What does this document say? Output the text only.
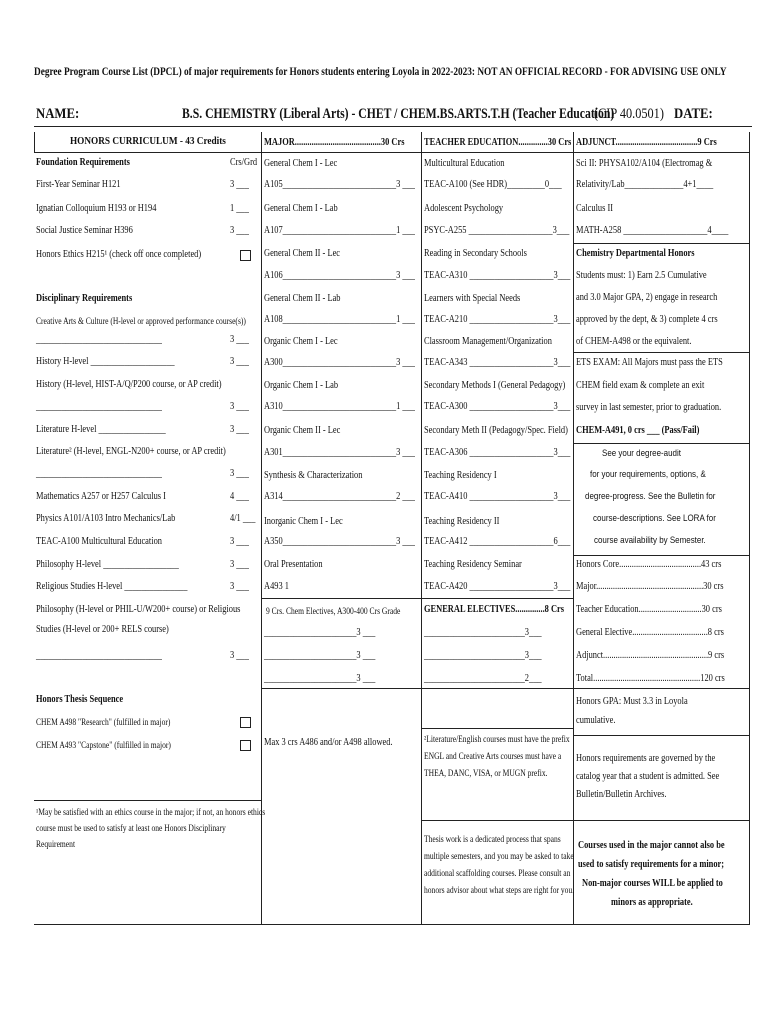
Degree Program Course List (DPCL) of major requirements for Honors students entering Loyola in 2022-2023: NOT AN OFFICIAL RECORD - FOR ADVISING USE ONLY
NAME:	B.S. CHEMISTRY (Liberal Arts) - CHET / CHEM.BS.ARTS.T.H (Teacher Education)
(CIP 40.0501) DATE:
HONORS CURRICULUM - 43 Credits
Foundation Requirements	Crs/Grd
First-Year Seminar H121	3 ___
Ignatian Colloquium H193 or H194	1 ___
Social Justice Seminar H396	3 ___
Honors Ethics H215¹ (check off once completed)
Disciplinary Requirements
Creative Arts & Culture (H-level or approved performance course(s))
______________________________	3 ___
History H-level ____________________	3 ___
History (H-level, HIST-A/Q/P200 course, or AP credit)
______________________________	3 ___
Literature H-level ________________	3 ___
Literature² (H-level, ENGL-N200+ course, or AP credit)
______________________________	3 ___
Mathematics A257 or H257 Calculus I	4 ___
Physics A101/A103 Intro Mechanics/Lab	4/1 ___
TEAC-A100 Multicultural Education	3 ___
Philosophy H-level __________________	3 ___
Religious Studies H-level _______________	3 ___
Philosophy (H-level or PHIL-U/W200+ course) or Religious
Studies (H-level or 200+ RELS course)
______________________________	3 ___
Honors Thesis Sequence
CHEM A498 "Research" (fulfilled in major)
CHEM A493 "Capstone" (fulfilled in major)
¹May be satisfied with an ethics course in the major; if not, an honors ethics
course must be used to satisfy at least one Honors Disciplinary
Requirement
MAJOR.........................................30 Crs
General Chem I - Lec
A105___________________________3 ___
General Chem I - Lab
A107___________________________1 ___
General Chem II - Lec
A106___________________________3 ___
General Chem II - Lab
A108___________________________1 ___
Organic Chem I - Lec
A300___________________________3 ___
Organic Chem I - Lab
A310___________________________1 ___
Organic Chem II - Lec
A301___________________________3 ___
Synthesis & Characterization
A314___________________________2 ___
Inorganic Chem I - Lec
A350___________________________3 ___
Oral Presentation
A493 1
9 Crs. Chem Electives, A300-400 Crs Grade
______________________3 ___
______________________3 ___
______________________3 ___
Max 3 crs A486 and/or A498 allowed.
TEACHER EDUCATION..............30 Crs
Multicultural Education
TEAC-A100 (See HDR)_________0___
Adolescent Psychology
PSYC-A255 ____________________3___
Reading in Secondary Schools
TEAC-A310 ____________________3___
Learners with Special Needs
TEAC-A210 ____________________3___
Classroom Management/Organization
TEAC-A343 ____________________3___
Secondary Methods I (General Pedagogy)
TEAC-A300 ____________________3___
Secondary Meth II (Pedagogy/Spec. Field)
TEAC-A306 ____________________3___
Teaching Residency I
TEAC-A410 ____________________3___
Teaching Residency II
TEAC-A412 ____________________6___
Teaching Residency Seminar
TEAC-A420 ____________________3___
GENERAL ELECTIVES..............8 Crs
________________________3___
________________________3___
________________________2___
²Literature/English courses must have the prefix
ENGL and Creative Arts courses must have a
THEA, DANC, VISA, or MUGN prefix.
Thesis work is a dedicated process that spans
multiple semesters, and you may be asked to take
additional scaffolding courses. Please consult an
honors advisor about what steps are right for you.
ADJUNCT.......................................9 Crs
Sci II: PHYSA102/A104 (Electromag &
Relativity/Lab______________4+1____
Calculus II
MATH-A258 ____________________4____
Chemistry Departmental Honors
Students must: 1) Earn 2.5 Cumulative
and 3.0 Major GPA, 2) engage in research
approved by the dept, & 3) complete 4 crs
of CHEM-A498 or the equivalent.
ETS EXAM: All Majors must pass the ETS
CHEM field exam & complete an exit
survey in last semester, prior to graduation.
CHEM-A491, 0 crs ___ (Pass/Fail)
See your degree-audit
for your requirements, options, &
degree-progress. See the Bulletin for
course-descriptions. See LORA for
course availability by Semester.
Honors Core.......................................43 crs
Major...................................................30 crs
Teacher Education..............................30 crs
General Elective....................................8 crs
Adjunct..................................................9 crs
Total...................................................120 crs
Honors GPA: Must 3.3 in Loyola
cumulative.
Honors requirements are governed by the
catalog year that a student is admitted. See
Bulletin/Bulletin Archives.
Courses used in the major cannot also be
used to satisfy requirements for a minor;
Non-major courses WILL be applied to
minors as appropriate.
